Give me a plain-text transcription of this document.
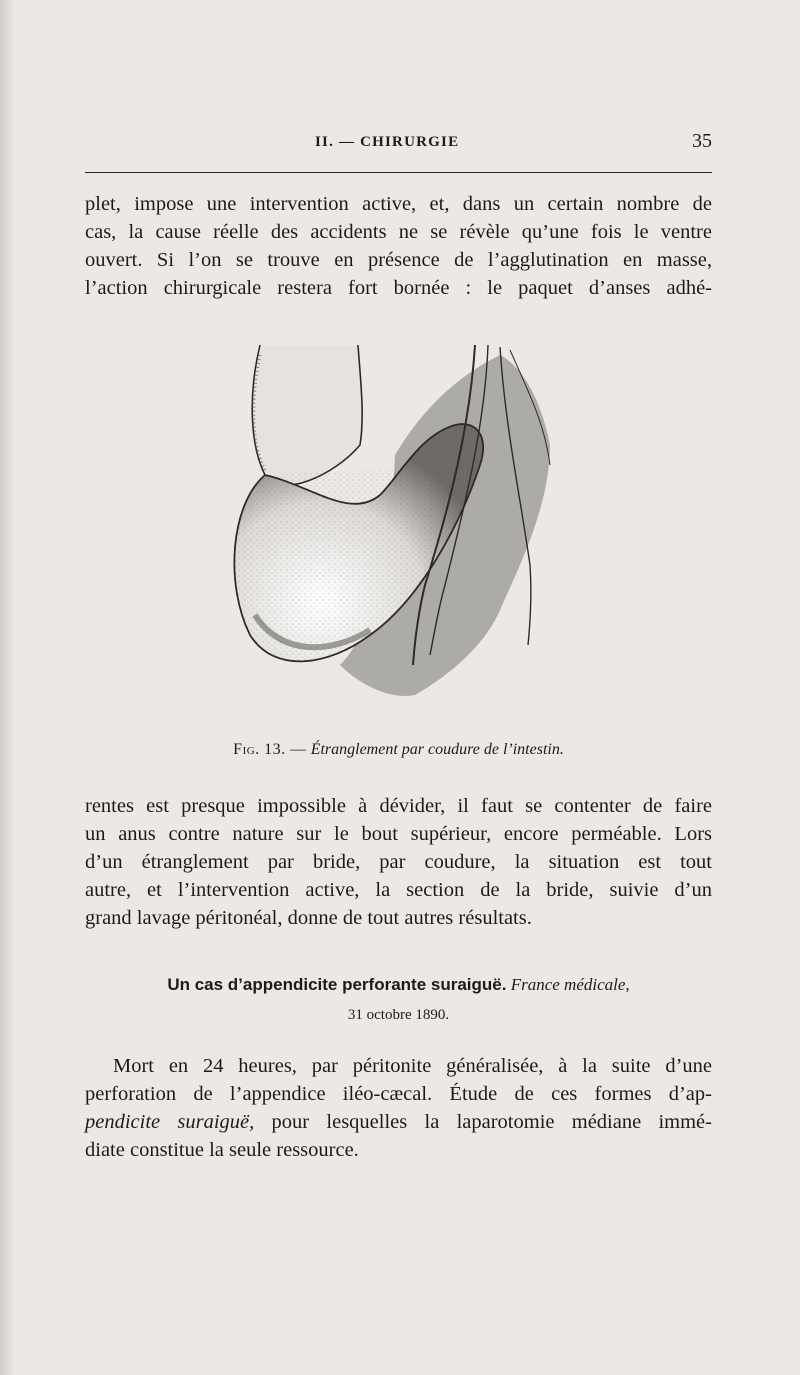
II. — CHIRURGIE	35
plet, impose une intervention active, et, dans un certain nombre de
cas, la cause réelle des accidents ne se révèle qu’une fois le ventre
ouvert. Si l’on se trouve en présence de l’agglutination en masse,
l’action chirurgicale restera fort bornée : le paquet d’anses adhé-
Fig. 13. — Étranglement par coudure de l’intestin.
rentes est presque impossible à dévider, il faut se contenter de faire
un anus contre nature sur le bout supérieur, encore perméable. Lors
d’un étranglement par bride, par coudure, la situation est tout
autre, et l’intervention active, la section de la bride, suivie d’un
grand lavage péritonéal, donne de tout autres résultats.
Un cas d’appendicite perforante suraiguë. France médicale,
31 octobre 1890.
Mort en 24 heures, par péritonite généralisée, à la suite d’une
perforation de l’appendice iléo-cæcal. Étude de ces formes d’ap-
pendicite suraiguë, pour lesquelles la laparotomie médiane immé-
diate constitue la seule ressource.
